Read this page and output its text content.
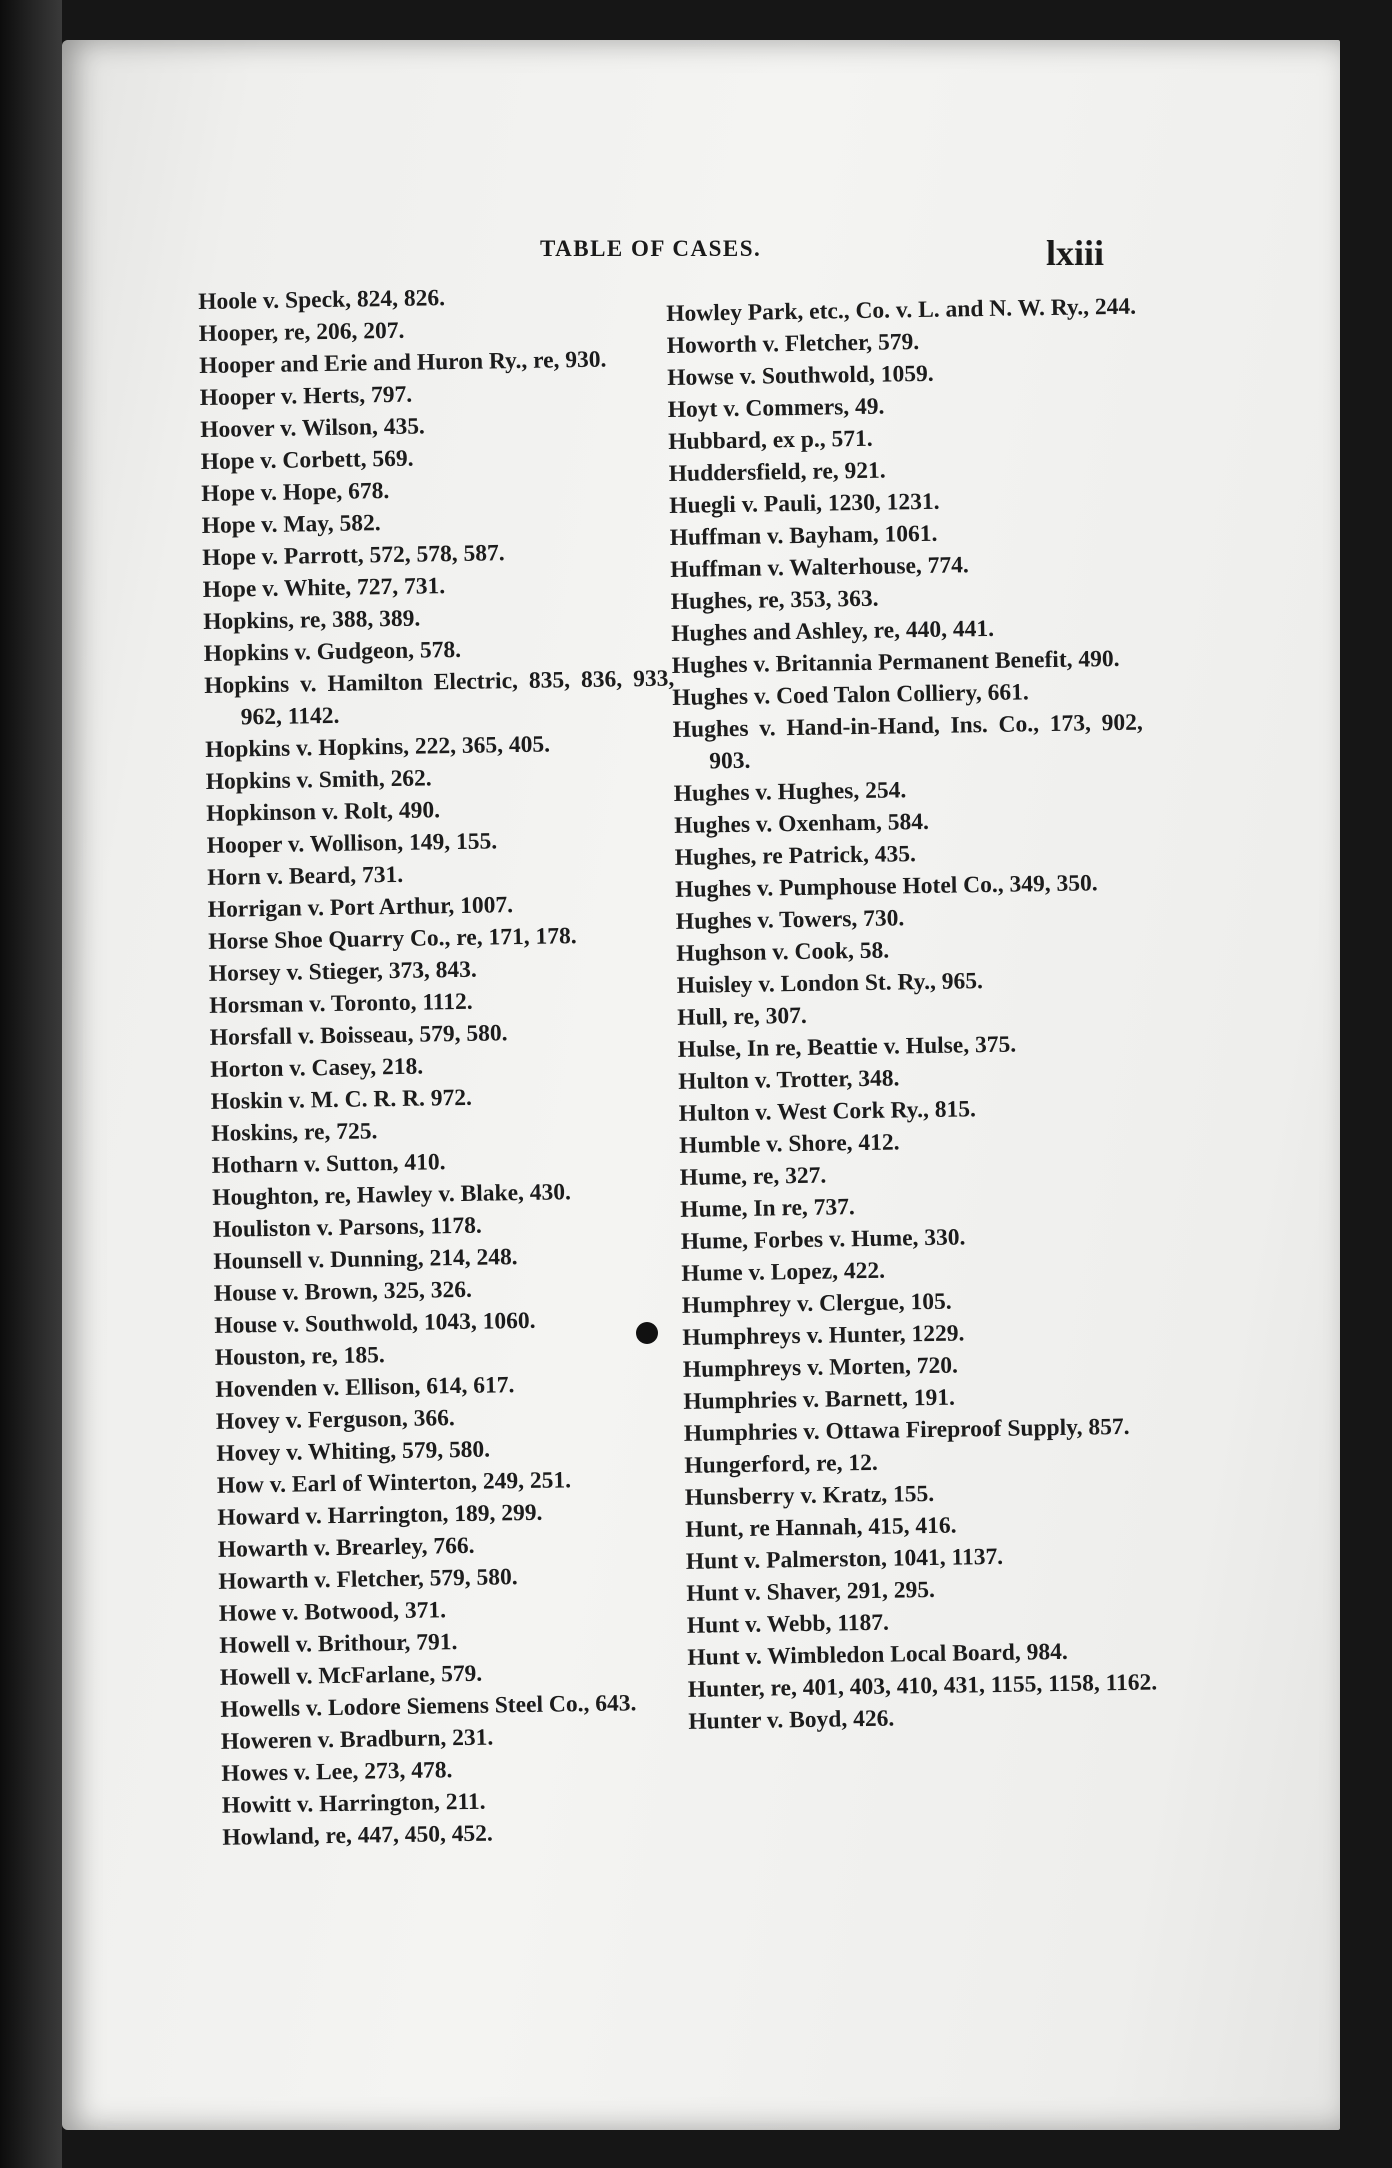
TABLE OF CASES.	lxiii
Hoole v. Speck, 824, 826.
Hooper, re, 206, 207.
Hooper and Erie and Huron Ry., re, 930.
Hooper v. Herts, 797.
Hoover v. Wilson, 435.
Hope v. Corbett, 569.
Hope v. Hope, 678.
Hope v. May, 582.
Hope v. Parrott, 572, 578, 587.
Hope v. White, 727, 731.
Hopkins, re, 388, 389.
Hopkins v. Gudgeon, 578.
Hopkins v. Hamilton Electric, 835, 836, 933, 962, 1142.
Hopkins v. Hopkins, 222, 365, 405.
Hopkins v. Smith, 262.
Hopkinson v. Rolt, 490.
Hooper v. Wollison, 149, 155.
Horn v. Beard, 731.
Horrigan v. Port Arthur, 1007.
Horse Shoe Quarry Co., re, 171, 178.
Horsey v. Stieger, 373, 843.
Horsman v. Toronto, 1112.
Horsfall v. Boisseau, 579, 580.
Horton v. Casey, 218.
Hoskin v. M. C. R. R. 972.
Hoskins, re, 725.
Hotharn v. Sutton, 410.
Houghton, re, Hawley v. Blake, 430.
Houliston v. Parsons, 1178.
Hounsell v. Dunning, 214, 248.
House v. Brown, 325, 326.
House v. Southwold, 1043, 1060.
Houston, re, 185.
Hovenden v. Ellison, 614, 617.
Hovey v. Ferguson, 366.
Hovey v. Whiting, 579, 580.
How v. Earl of Winterton, 249, 251.
Howard v. Harrington, 189, 299.
Howarth v. Brearley, 766.
Howarth v. Fletcher, 579, 580.
Howe v. Botwood, 371.
Howell v. Brithour, 791.
Howell v. McFarlane, 579.
Howells v. Lodore Siemens Steel Co., 643.
Howeren v. Bradburn, 231.
Howes v. Lee, 273, 478.
Howitt v. Harrington, 211.
Howland, re, 447, 450, 452.
Howley Park, etc., Co. v. L. and N. W. Ry., 244.
Howorth v. Fletcher, 579.
Howse v. Southwold, 1059.
Hoyt v. Commers, 49.
Hubbard, ex p., 571.
Huddersfield, re, 921.
Huegli v. Pauli, 1230, 1231.
Huffman v. Bayham, 1061.
Huffman v. Walterhouse, 774.
Hughes, re, 353, 363.
Hughes and Ashley, re, 440, 441.
Hughes v. Britannia Permanent Benefit, 490.
Hughes v. Coed Talon Colliery, 661.
Hughes v. Hand-in-Hand, Ins. Co., 173, 902, 903.
Hughes v. Hughes, 254.
Hughes v. Oxenham, 584.
Hughes, re Patrick, 435.
Hughes v. Pumphouse Hotel Co., 349, 350.
Hughes v. Towers, 730.
Hughson v. Cook, 58.
Huisley v. London St. Ry., 965.
Hull, re, 307.
Hulse, In re, Beattie v. Hulse, 375.
Hulton v. Trotter, 348.
Hulton v. West Cork Ry., 815.
Humble v. Shore, 412.
Hume, re, 327.
Hume, In re, 737.
Hume, Forbes v. Hume, 330.
Hume v. Lopez, 422.
Humphrey v. Clergue, 105.
Humphreys v. Hunter, 1229.
Humphreys v. Morten, 720.
Humphries v. Barnett, 191.
Humphries v. Ottawa Fireproof Supply, 857.
Hungerford, re, 12.
Hunsberry v. Kratz, 155.
Hunt, re Hannah, 415, 416.
Hunt v. Palmerston, 1041, 1137.
Hunt v. Shaver, 291, 295.
Hunt v. Webb, 1187.
Hunt v. Wimbledon Local Board, 984.
Hunter, re, 401, 403, 410, 431, 1155, 1158, 1162.
Hunter v. Boyd, 426.
